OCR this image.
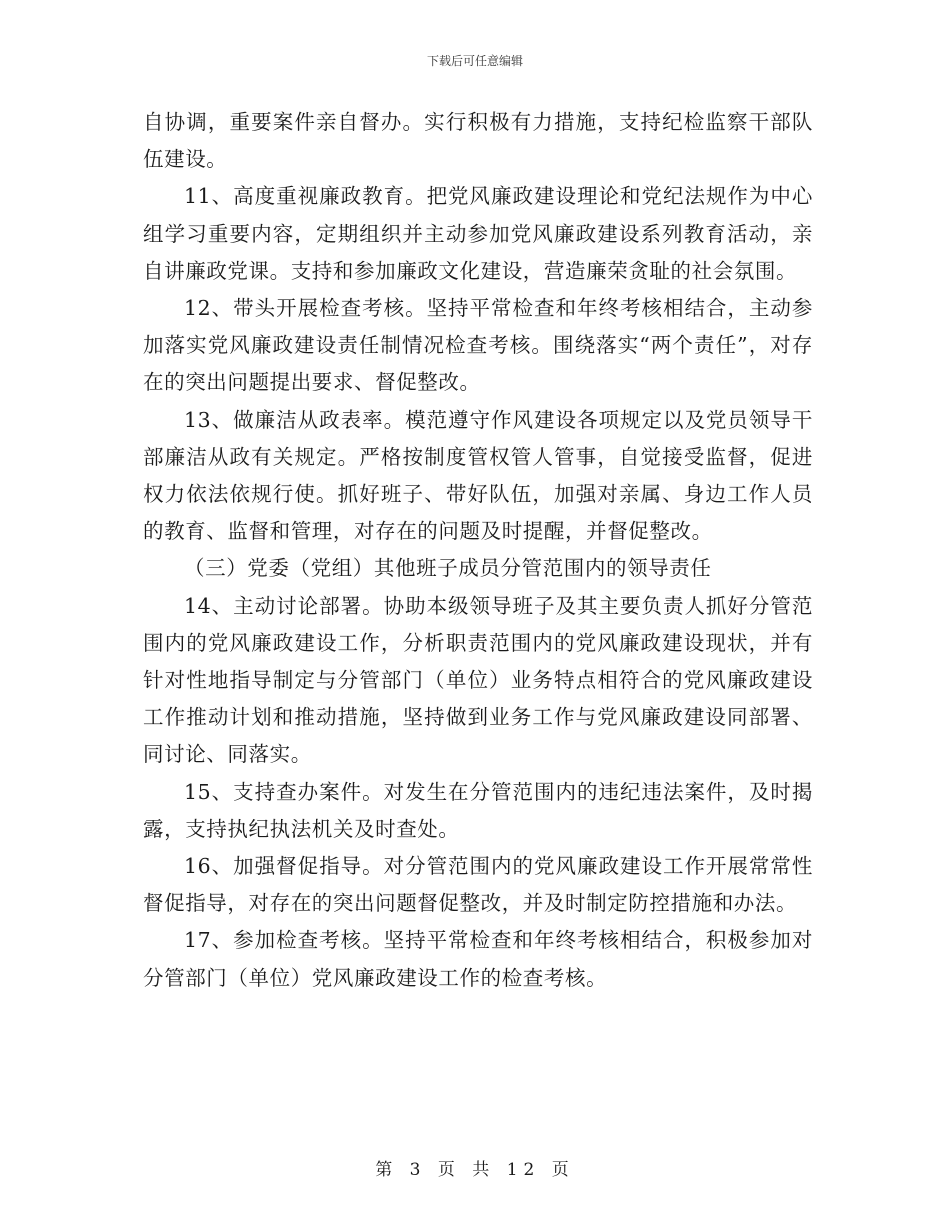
下载后可任意编辑

自协调，重要案件亲自督办。实行积极有力措施，支持纪检监察干部队伍建设。

11、高度重视廉政教育。把党风廉政建设理论和党纪法规作为中心组学习重要内容，定期组织并主动参加党风廉政建设系列教育活动，亲自讲廉政党课。支持和参加廉政文化建设，营造廉荣贪耻的社会氛围。

12、带头开展检查考核。坚持平常检查和年终考核相结合，主动参加落实党风廉政建设责任制情况检查考核。围绕落实“两个责任”，对存在的突出问题提出要求、督促整改。

13、做廉洁从政表率。模范遵守作风建设各项规定以及党员领导干部廉洁从政有关规定。严格按制度管权管人管事，自觉接受监督，促进权力依法依规行使。抓好班子、带好队伍，加强对亲属、身边工作人员的教育、监督和管理，对存在的问题及时提醒，并督促整改。

（三）党委（党组）其他班子成员分管范围内的领导责任

14、主动讨论部署。协助本级领导班子及其主要负责人抓好分管范围内的党风廉政建设工作，分析职责范围内的党风廉政建设现状，并有针对性地指导制定与分管部门（单位）业务特点相符合的党风廉政建设工作推动计划和推动措施，坚持做到业务工作与党风廉政建设同部署、同讨论、同落实。

15、支持查办案件。对发生在分管范围内的违纪违法案件，及时揭露，支持执纪执法机关及时查处。

16、加强督促指导。对分管范围内的党风廉政建设工作开展常常性督促指导，对存在的突出问题督促整改，并及时制定防控措施和办法。

17、参加检查考核。坚持平常检查和年终考核相结合，积极参加对分管部门（单位）党风廉政建设工作的检查考核。

第 3 页 共 12 页
